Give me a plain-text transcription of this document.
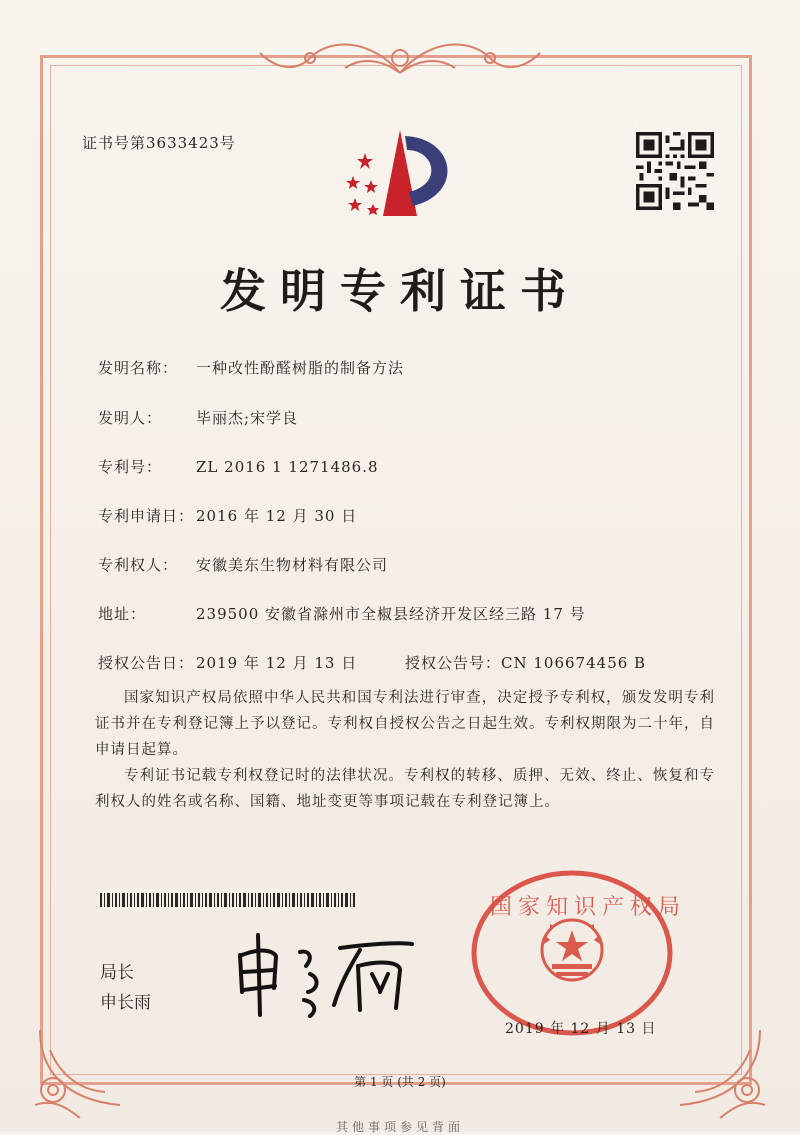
证书号第3633423号
发明专利证书
发明名称： 一种改性酚醛树脂的制备方法
发明人： 毕丽杰;宋学良
专利号： ZL 2016 1 1271486.8
专利申请日： 2016 年 12 月 30 日
专利权人： 安徽美东生物材料有限公司
地址：	239500 安徽省滁州市全椒县经济开发区经三路 17 号
授权公告日： 2019 年 12 月 13 日	授权公告号：CN 106674456 B
国家知识产权局依照中华人民共和国专利法进行审查，决定授予专利权，颁发发明专利证书并在专利登记簿上予以登记。专利权自授权公告之日起生效。专利权期限为二十年，自申请日起算。
专利证书记载专利权登记时的法律状况。专利权的转移、质押、无效、终止、恢复和专利权人的姓名或名称、国籍、地址变更等事项记载在专利登记簿上。
局长
申长雨
国家知识产权局
2019 年 12 月 13 日
第 1 页 (共 2 页)
其他事项参见背面
